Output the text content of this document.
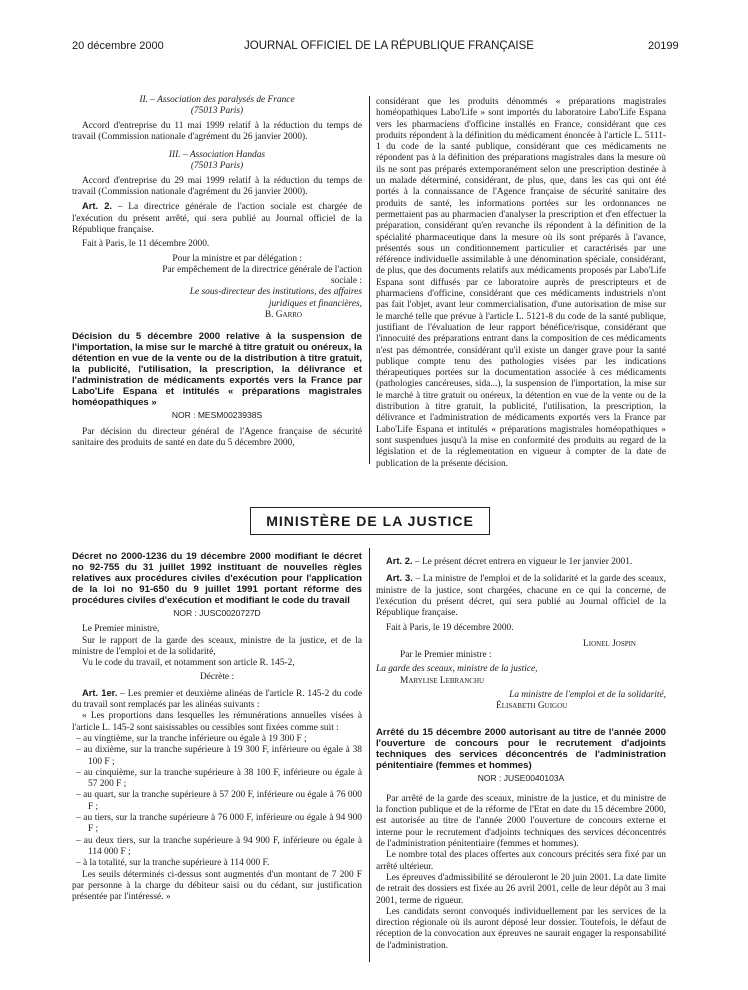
20 décembre 2000	JOURNAL OFFICIEL DE LA RÉPUBLIQUE FRANÇAISE	20199

II. – Association des paralysés de France

(75013 Paris)

Accord d'entreprise du 11 mai 1999 relatif à la réduction du temps de travail (Commission nationale d'agrément du 26 janvier 2000).

III. – Association Handas

(75013 Paris)

Accord d'entreprise du 29 mai 1999 relatif à la réduction du temps de travail (Commission nationale d'agrément du 26 janvier 2000).

Art. 2. – La directrice générale de l'action sociale est chargée de l'exécution du présent arrêté, qui sera publié au Journal officiel de la République française.

Fait à Paris, le 11 décembre 2000.

Pour la ministre et par délégation :

Par empêchement de la directrice générale de l'action sociale :

Le sous-directeur des institutions, des affaires juridiques et financières,

B. Garro

Décision du 5 décembre 2000 relative à la suspension de l'importation, la mise sur le marché à titre gratuit ou onéreux, la détention en vue de la vente ou de la distribution à titre gratuit, la publicité, l'utilisation, la prescription, la délivrance et l'administration de médicaments exportés vers la France par Labo'Life Espana et intitulés « préparations magistrales homéopathiques »

NOR : MESM0023938S

Par décision du directeur général de l'Agence française de sécurité sanitaire des produits de santé en date du 5 décembre 2000,

considérant que les produits dénommés « préparations magistrales homéopathiques Labo'Life » sont importés du laboratoire Labo'Life Espana vers les pharmaciens d'officine installés en France, considérant que ces produits répondent à la définition du médicament énoncée à l'article L. 5111-1 du code de la santé publique, considérant que ces médicaments ne répondent pas à la définition des préparations magistrales dans la mesure où ils ne sont pas préparés extemporanément selon une prescription destinée à un malade déterminé, considérant, de plus, que, dans les cas qui ont été portés à la connaissance de l'Agence française de sécurité sanitaire des produits de santé, les informations portées sur les ordonnances ne permettaient pas au pharmacien d'analyser la prescription et d'en effectuer la préparation, considérant qu'en revanche ils répondent à la définition de la spécialité pharmaceutique dans la mesure où ils sont préparés à l'avance, présentés sous un conditionnement particulier et caractérisés par une référence individuelle assimilable à une dénomination spéciale, considérant, de plus, que des documents relatifs aux médicaments proposés par Labo'Life Espana sont diffusés par ce laboratoire auprès de prescripteurs et de pharmaciens d'officine, considérant que ces médicaments industriels n'ont pas fait l'objet, avant leur commercialisation, d'une autorisation de mise sur le marché telle que prévue à l'article L. 5121-8 du code de la santé publique, justifiant de l'évaluation de leur rapport bénéfice/risque, considérant que l'innocuité des préparations entrant dans la composition de ces médicaments n'est pas démontrée, considérant qu'il existe un danger grave pour la santé publique compte tenu des pathologies visées par les indications thérapeutiques portées sur la documentation associée à ces médicaments (pathologies cancéreuses, sida...), la suspension de l'importation, la mise sur le marché à titre gratuit ou onéreux, la détention en vue de la vente ou de la distribution à titre gratuit, la publicité, l'utilisation, la prescription, la délivrance et l'administration de médicaments exportés vers la France par Labo'Life Espana et intitulés « préparations magistrales homéopathiques » sont suspendues jusqu'à la mise en conformité des produits au regard de la législation et de la réglementation en vigueur à compter de la date de publication de la présente décision.

MINISTÈRE DE LA JUSTICE

Décret no 2000-1236 du 19 décembre 2000 modifiant le décret no 92-755 du 31 juillet 1992 instituant de nouvelles règles relatives aux procédures civiles d'exécution pour l'application de la loi no 91-650 du 9 juillet 1991 portant réforme des procédures civiles d'exécution et modifiant le code du travail

NOR : JUSC0020727D

Le Premier ministre,

Sur le rapport de la garde des sceaux, ministre de la justice, et de la ministre de l'emploi et de la solidarité,

Vu le code du travail, et notamment son article R. 145-2,

Décrète :

Art. 1er. – Les premier et deuxième alinéas de l'article R. 145-2 du code du travail sont remplacés par les alinéas suivants :

« Les proportions dans lesquelles les rémunérations annuelles visées à l'article L. 145-2 sont saisissables ou cessibles sont fixées comme suit :

– au vingtième, sur la tranche inférieure ou égale à 19 300 F ;

– au dixième, sur la tranche supérieure à 19 300 F, inférieure ou égale à 38 100 F ;

– au cinquième, sur la tranche supérieure à 38 100 F, inférieure ou égale à 57 200 F ;

– au quart, sur la tranche supérieure à 57 200 F, inférieure ou égale à 76 000 F ;

– au tiers, sur la tranche supérieure à 76 000 F, inférieure ou égale à 94 900 F ;

– au deux tiers, sur la tranche supérieure à 94 900 F, inférieure ou égale à 114 000 F ;

– à la totalité, sur la tranche supérieure à 114 000 F.

Les seuils déterminés ci-dessus sont augmentés d'un montant de 7 200 F par personne à la charge du débiteur saisi ou du cédant, sur justification présentée par l'intéressé. »

Art. 2. – Le présent décret entrera en vigueur le 1er janvier 2001.

Art. 3. – La ministre de l'emploi et de la solidarité et la garde des sceaux, ministre de la justice, sont chargées, chacune en ce qui la concerne, de l'exécution du présent décret, qui sera publié au Journal officiel de la République française.

Fait à Paris, le 19 décembre 2000.

Lionel Jospin

Par le Premier ministre :

La garde des sceaux, ministre de la justice,

Marylise Lebranchu

La ministre de l'emploi et de la solidarité,

Élisabeth Guigou

Arrêté du 15 décembre 2000 autorisant au titre de l'année 2000 l'ouverture de concours pour le recrutement d'adjoints techniques des services déconcentrés de l'administration pénitentiaire (femmes et hommes)

NOR : JUSE0040103A

Par arrêté de la garde des sceaux, ministre de la justice, et du ministre de la fonction publique et de la réforme de l'Etat en date du 15 décembre 2000, est autorisée au titre de l'année 2000 l'ouverture de concours externe et interne pour le recrutement d'adjoints techniques des services déconcentrés de l'administration pénitentiaire (femmes et hommes).

Le nombre total des places offertes aux concours précités sera fixé par un arrêté ultérieur.

Les épreuves d'admissibilité se dérouleront le 20 juin 2001. La date limite de retrait des dossiers est fixée au 26 avril 2001, celle de leur dépôt au 3 mai 2001, terme de rigueur.

Les candidats seront convoqués individuellement par les services de la direction régionale où ils auront déposé leur dossier. Toutefois, le défaut de réception de la convocation aux épreuves ne saurait engager la responsabilité de l'administration.
